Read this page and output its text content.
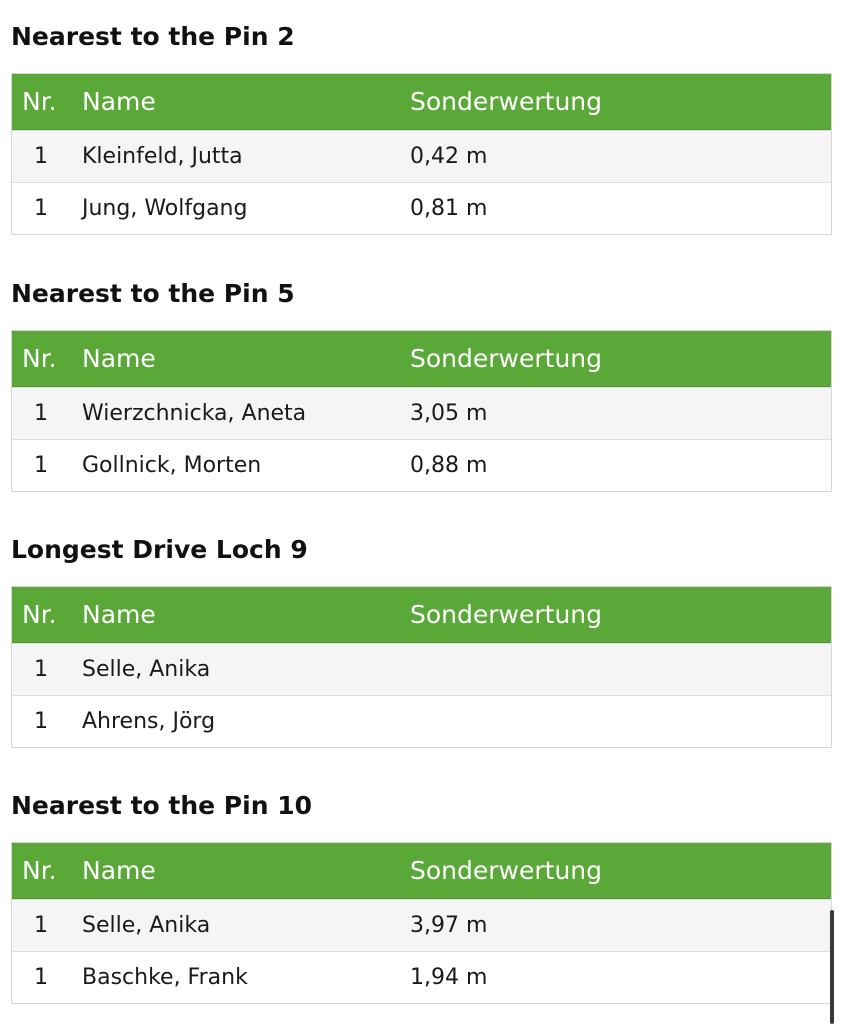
Nearest to the Pin 2
Nr. Name	Sonderwertung
1 Kleinfeld, Jutta	0,42 m
1 Jung, Wolfgang	0,81 m
Nearest to the Pin 5
Nr. Name	Sonderwertung
1 Wierzchnicka, Aneta	3,05 m
1 Gollnick, Morten	0,88 m
Longest Drive Loch 9
Nr. Name	Sonderwertung
1 Selle, Anika
1 Ahrens, Jörg
Nearest to the Pin 10
Nr. Name	Sonderwertung
1 Selle, Anika	3,97 m
1 Baschke, Frank	1,94 m
